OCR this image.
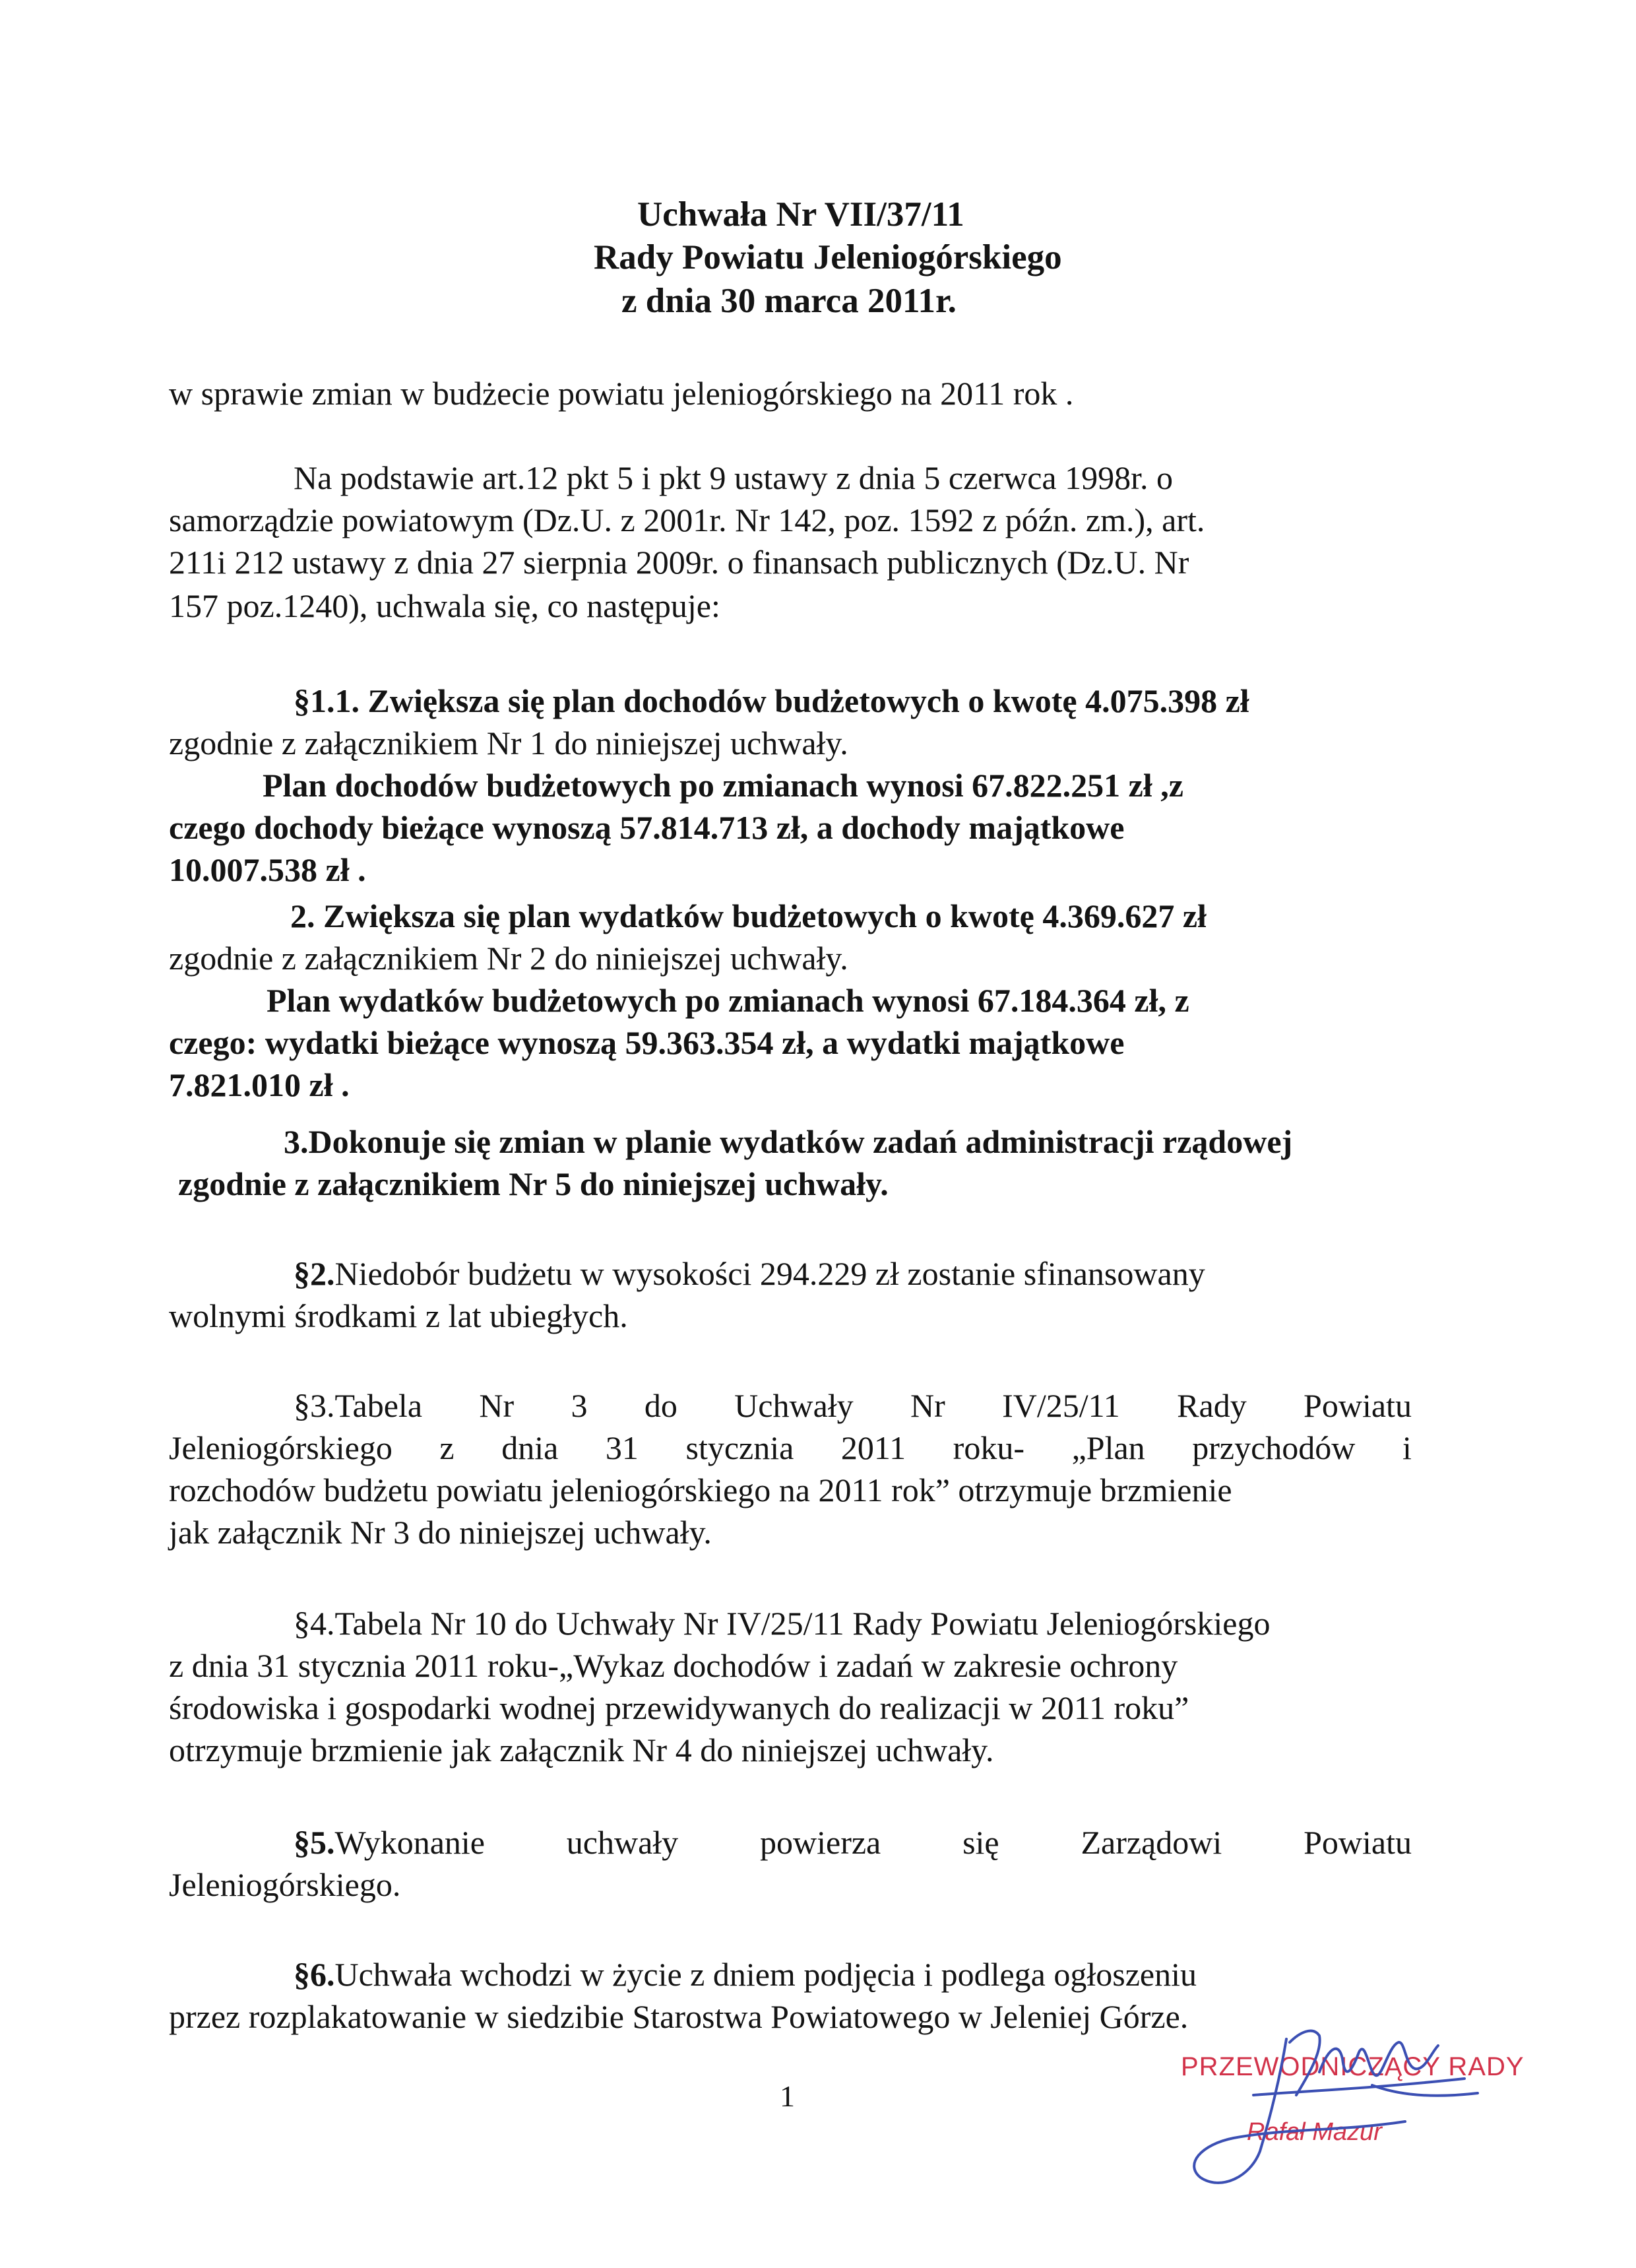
Uchwała Nr VII/37/11
Rady Powiatu Jeleniogórskiego
z dnia 30 marca 2011r.
w sprawie zmian w budżecie powiatu jeleniogórskiego na 2011 rok .
Na podstawie art.12 pkt 5 i pkt 9 ustawy z dnia 5 czerwca 1998r. o
samorządzie powiatowym (Dz.U. z 2001r. Nr 142, poz. 1592 z późn. zm.), art.
211i 212 ustawy z dnia 27 sierpnia 2009r. o finansach publicznych (Dz.U. Nr
157 poz.1240), uchwala się, co następuje:
§1.1. Zwiększa się plan dochodów budżetowych o kwotę 4.075.398 zł
zgodnie z załącznikiem Nr 1 do niniejszej uchwały.
Plan dochodów budżetowych po zmianach wynosi 67.822.251 zł ,z
czego dochody bieżące wynoszą 57.814.713 zł, a dochody majątkowe
10.007.538 zł .
2. Zwiększa się plan wydatków budżetowych o kwotę 4.369.627 zł
zgodnie z załącznikiem Nr 2 do niniejszej uchwały.
Plan wydatków budżetowych po zmianach wynosi 67.184.364 zł, z
czego: wydatki bieżące wynoszą 59.363.354 zł, a wydatki majątkowe
7.821.010 zł .
3.Dokonuje się zmian w planie wydatków zadań administracji rządowej
zgodnie z załącznikiem Nr 5 do niniejszej uchwały.
§2.Niedobór budżetu w wysokości 294.229 zł zostanie sfinansowany
wolnymi środkami z lat ubiegłych.
§3.Tabela Nr 3 do Uchwały Nr IV/25/11 Rady Powiatu
Jeleniogórskiego z dnia 31 stycznia 2011 roku- „Plan przychodów i
rozchodów budżetu powiatu jeleniogórskiego na 2011 rok” otrzymuje brzmienie
jak załącznik Nr 3 do niniejszej uchwały.
§4.Tabela Nr 10 do Uchwały Nr IV/25/11 Rady Powiatu Jeleniogórskiego
z dnia 31 stycznia 2011 roku-„Wykaz dochodów i zadań w zakresie ochrony
środowiska i gospodarki wodnej przewidywanych do realizacji w 2011 roku”
otrzymuje brzmienie jak załącznik Nr 4 do niniejszej uchwały.
§5.Wykonanie uchwały powierza się Zarządowi Powiatu
Jeleniogórskiego.
§6.Uchwała wchodzi w życie z dniem podjęcia i podlega ogłoszeniu
przez rozplakatowanie w siedzibie Starostwa Powiatowego w Jeleniej Górze.
1
PRZEWODNICZĄCY RADY
Rafał Mazur
